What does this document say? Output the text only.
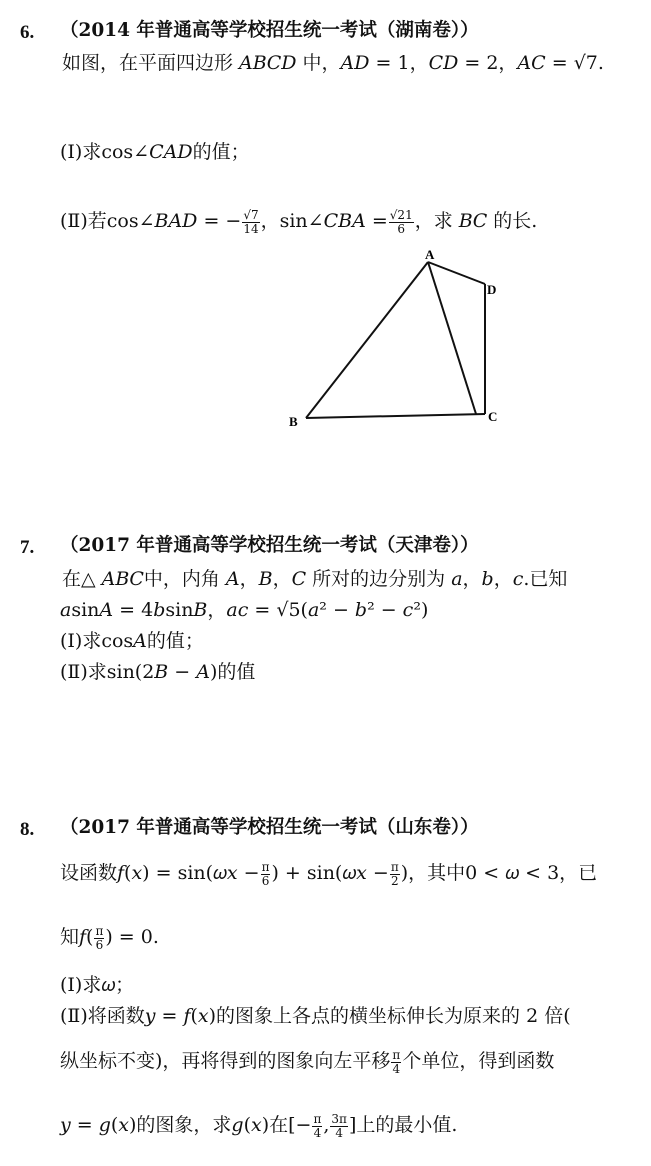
6. （2014 年普通高等学校招生统一考试（湖南卷））
如图，在平面四边形 𝐴𝐵𝐶𝐷 中，𝐴𝐷 = 1，𝐶𝐷 = 2，𝐴𝐶 = √7.
(Ⅰ)求cos∠𝐶𝐴𝐷的值；
(Ⅱ)若cos∠𝐵𝐴𝐷 = − $\frac{√7}{14}$ ，sin∠𝐶𝐵𝐴 = $\frac{√21}{6}$ ，求 𝐵𝐶 的长.
A
D
B	C
7. （2017 年普通高等学校招生统一考试（天津卷））
在△ 𝐴𝐵𝐶中，内角 𝐴，𝐵，𝐶 所对的边分别为 𝑎，𝑏，𝑐.已知
𝑎sin𝐴 = 4𝑏sin𝐵，𝑎𝑐 = √5(𝑎² − 𝑏² − 𝑐²)
(Ⅰ)求cos𝐴的值；
(Ⅱ)求sin(2𝐵 − 𝐴)的值
8. （2017 年普通高等学校招生统一考试（山东卷））
设函数𝑓(𝑥) = sin(𝜔𝑥 − $\frac{\pi}{6}$ ) + sin(𝜔𝑥 − $\frac{\pi}{2}$ )，其中0 < 𝜔 < 3，已
知𝑓( $\frac{\pi}{6}$ ) = 0.
(Ⅰ)求𝜔；
(Ⅱ)将函数𝑦 = 𝑓(𝑥)的图象上各点的横坐标伸长为原来的 2 倍(
纵坐标不变)，再将得到的图象向左平移 $\frac{\pi}{4}$ 个单位，得到函数
𝑦 = 𝑔(𝑥)的图象，求𝑔(𝑥)在[− $\frac{\pi}{4}$ , $\frac{3\pi}{4}$ ]上的最小值.
